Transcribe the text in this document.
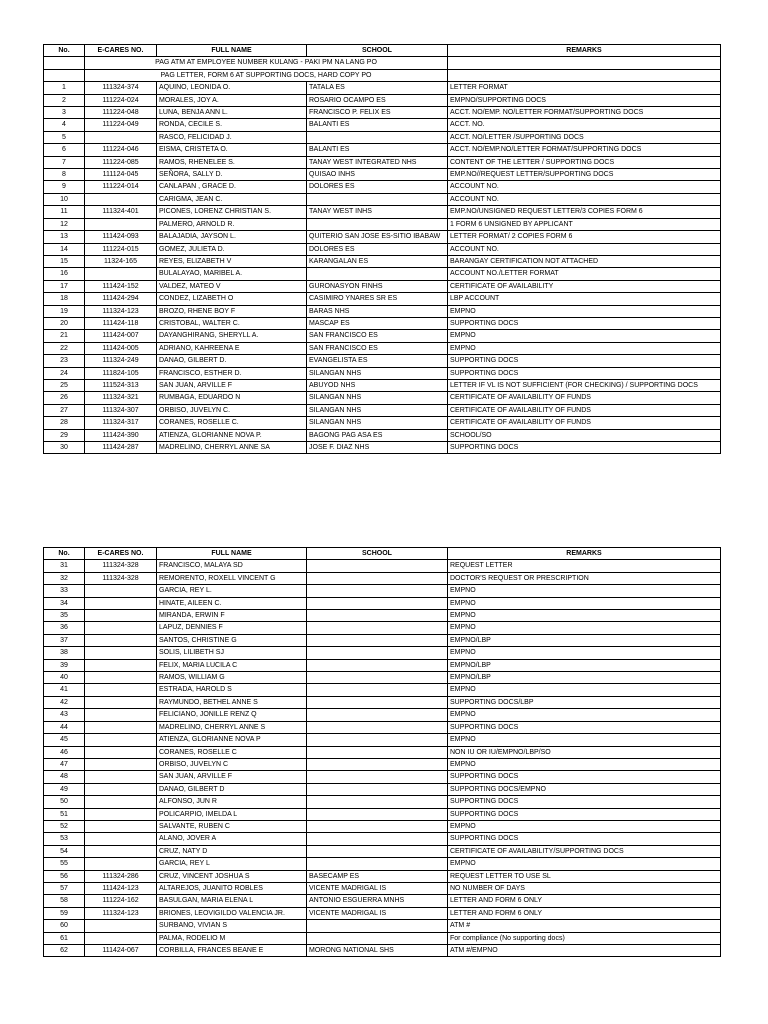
No.	E-CARES NO.	FULL NAME	SCHOOL	REMARKS
	PAG ATM AT EMPLOYEE NUMBER KULANG - PAKI PM NA LANG PO			
	PAG LETTER, FORM 6 AT SUPPORTING DOCS, HARD COPY PO			
1	111324-374	AQUINO, LEONIDA O.	TATALA ES	LETTER FORMAT
2	111224-024	MORALES, JOY A.	ROSARIO OCAMPO ES	EMPNO/SUPPORTING DOCS
3	111224-048	LUNA, BENJA ANN L.	FRANCISCO P. FELIX ES	ACCT. NO/EMP. NO/LETTER FORMAT/SUPPORTING DOCS
4	111224-049	RONDA, CECILE S.	BALANTI ES	ACCT. NO.
5		RASCO, FELICIDAD J.		ACCT. NO/LETTER /SUPPORTING DOCS
6	111224-046	EISMA, CRISTETA O.	BALANTI ES	ACCT. NO/EMP.NO/LETTER FORMAT/SUPPORTING DOCS
7	111224-085	RAMOS, RHENELEE S.	TANAY WEST INTEGRATED NHS	CONTENT OF THE LETTER / SUPPORTING DOCS
8	111124-045	SEÑORA, SALLY D.	QUISAO INHS	EMP.NO//REQUEST LETTER/SUPPORTING DOCS
9	111224-014	CANLAPAN , GRACE D.	DOLORES ES	ACCOUNT NO.
10		CARIGMA, JEAN C.		ACCOUNT NO.
11	111324-401	PICONES, LORENZ CHRISTIAN S.	TANAY WEST INHS	EMP.NO/UNSIGNED REQUEST LETTER/3 COPIES FORM 6
12		PALMERO, ARNOLD R.		1 FORM 6 UNSIGNED BY APPLICANT
13	111424-093	BALAJADIA, JAYSON L.	QUITERIO SAN JOSE ES-SITIO IBABAW	LETTER FORMAT/ 2 COPIES FORM 6
14	111224-015	GOMEZ, JULIETA D.	DOLORES ES	ACCOUNT NO.
15	11324-165	REYES, ELIZABETH V	KARANGALAN ES	BARANGAY CERTIFICATION NOT ATTACHED
16		BULALAYAO, MARIBEL A.		ACCOUNT NO./LETTER FORMAT
17	111424-152	VALDEZ, MATEO V	GURONASYON FINHS	CERTIFICATE OF AVAILABILITY
18	111424-294	CONDEZ, LIZABETH O	CASIMIRO YNARES SR ES	LBP ACCOUNT
19	111324-123	BROZO, RHENE BOY F	BARAS NHS	EMPNO
20	111424-118	CRISTOBAL, WALTER C.	MASCAP ES	SUPPORTING DOCS
21	111424-007	DAYANGHIRANG, SHERYLL A.	SAN FRANCISCO ES	EMPNO
22	111424-005	ADRIANO, KAHREENA E	SAN FRANCISCO ES	EMPNO
23	111324-249	DANAO, GILBERT D.	EVANGELISTA ES	SUPPORTING DOCS
24	111824-105	FRANCISCO, ESTHER D.	SILANGAN NHS	SUPPORTING DOCS
25	111524-313	SAN JUAN, ARVILLE F	ABUYOD NHS	LETTER IF VL IS NOT SUFFICIENT (FOR CHECKING) / SUPPORTING DOCS
26	111324-321	RUMBAGA, EDUARDO N	SILANGAN NHS	CERTIFICATE OF AVAILABILITY OF FUNDS
27	111324-307	ORBISO, JUVELYN C.	SILANGAN NHS	CERTIFICATE OF AVAILABILITY OF FUNDS
28	111324-317	CORANES, ROSELLE C.	SILANGAN NHS	CERTIFICATE OF AVAILABILITY OF FUNDS
29	111424-390	ATIENZA, GLORIANNE NOVA P.	BAGONG PAG ASA ES	SCHOOL/SO
30	111424-287	MADRELINO, CHERRYL ANNE SA	JOSE F. DIAZ NHS	SUPPORTING DOCS
No.	E-CARES NO.	FULL NAME	SCHOOL	REMARKS
31	111324-328	FRANCISCO, MALAYA SD		REQUEST LETTER
32	111324-328	REMORENTO, ROXELL VINCENT G		DOCTOR'S REQUEST OR PRESCRIPTION
33		GARCIA, REY L.		EMPNO
34		HINATE, AILEEN C.		EMPNO
35		MIRANDA, ERWIN F		EMPNO
36		LAPUZ, DENNIES F		EMPNO
37		SANTOS, CHRISTINE G		EMPNO/LBP
38		SOLIS, LILIBETH SJ		EMPNO
39		FELIX, MARIA LUCILA C		EMPNO/LBP
40		RAMOS, WILLIAM G		EMPNO/LBP
41		ESTRADA, HAROLD S		EMPNO
42		RAYMUNDO, BETHEL ANNE S		SUPPORTING DOCS/LBP
43		FELICIANO, JONILLE RENZ Q		EMPNO
44		MADRELINO, CHERRYL ANNE S		SUPPORTING DOCS
45		ATIENZA, GLORIANNE NOVA P		EMPNO
46		CORANES, ROSELLE C		NON IU OR IU/EMPNO/LBP/SO
47		ORBISO, JUVELYN C		EMPNO
48		SAN JUAN, ARVILLE F		SUPPORTING DOCS
49		DANAO, GILBERT D		SUPPORTING DOCS/EMPNO
50		ALFONSO, JUN R		SUPPORTING DOCS
51		POLICARPIO, IMELDA L		SUPPORTING DOCS
52		SALVANTE, RUBEN C		EMPNO
53		ALANO, JOVER A		SUPPORTING DOCS
54		CRUZ, NATY D		CERTIFICATE OF AVAILABILITY/SUPPORTING DOCS
55		GARCIA, REY L		EMPNO
56	111324-286	CRUZ, VINCENT JOSHUA S	BASECAMP ES	REQUEST LETTER TO USE SL
57	111424-123	ALTAREJOS, JUANITO ROBLES	VICENTE MADRIGAL IS	NO NUMBER OF DAYS
58	111224-162	BASULGAN, MARIA ELENA L	ANTONIO ESGUERRA MNHS	LETTER AND FORM 6 ONLY
59	111324-123	BRIONES, LEOVIGILDO VALENCIA JR.	VICENTE MADRIGAL IS	LETTER AND FORM 6 ONLY
60		SURBANO, VIVIAN S		ATM #
61		PALMA, RODELIO M		For compliance (No supporting docs)
62	111424-067	CORBILLA, FRANCES BEANE E	MORONG NATIONAL SHS	ATM #/EMPNO
